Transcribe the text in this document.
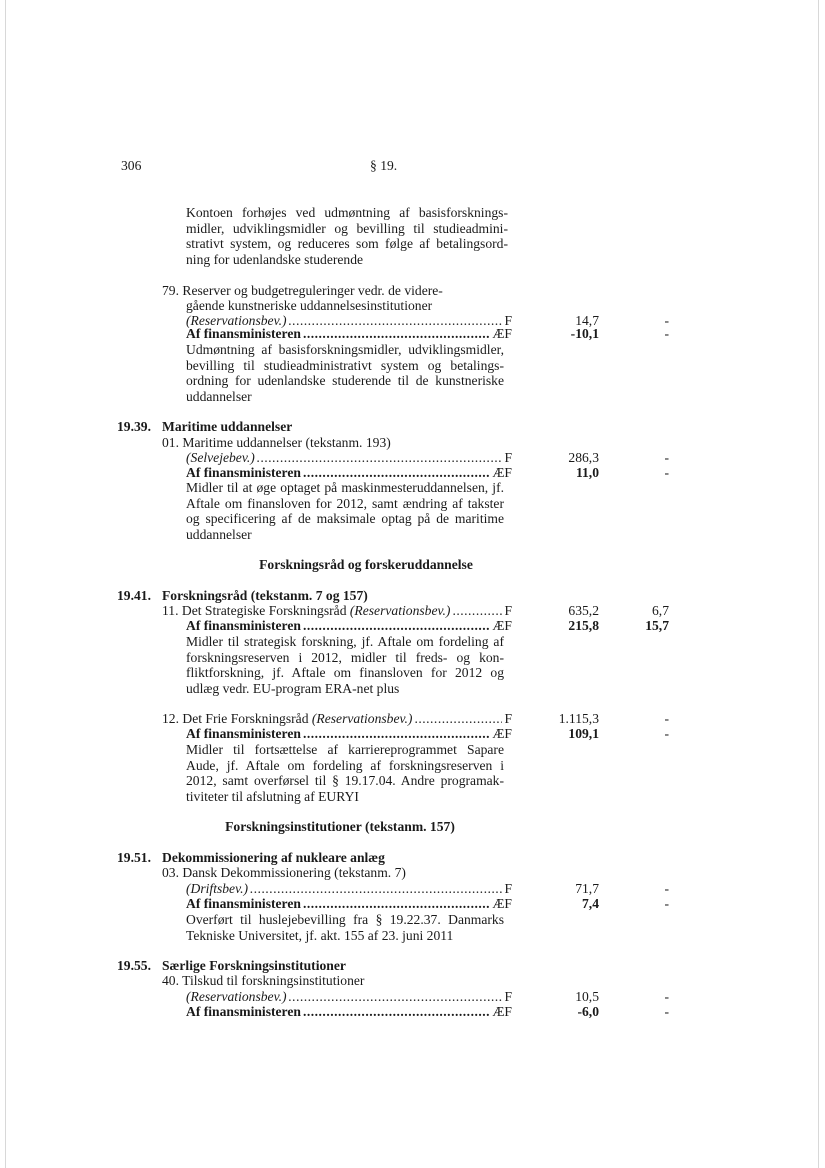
306	§ 19.
Kontoen forhøjes ved udmøntning af basisforsknings-midler, udviklingsmidler og bevilling til studieadmini-strativt system, og reduceres som følge af betalingsord-ning for udenlandske studerende
79. Reserver og budgetreguleringer vedr. de videre-
gående kunstneriske uddannelsesinstitutioner
(Reservationsbev.) .....	F	14,7	-
Af finansministeren .....	ÆF	-10,1	-
Udmøntning af basisforskningsmidler, udviklingsmidler, bevilling til studieadministrativt system og betalings-ordning for udenlandske studerende til de kunstneriske uddannelser
19.39. Maritime uddannelser
01. Maritime uddannelser (tekstanm. 193)
(Selvejebev.) .....	F	286,3	-
Af finansministeren .....	ÆF	11,0	-
Midler til at øge optaget på maskinmesteruddannelsen, jf. Aftale om finansloven for 2012, samt ændring af takster og specificering af de maksimale optag på de maritime uddannelser
Forskningsråd og forskeruddannelse
19.41. Forskningsråd (tekstanm. 7 og 157)
11. Det Strategiske Forskningsråd (Reservationsbev.) .....	F	635,2	6,7
Af finansministeren .....	ÆF	215,8	15,7
Midler til strategisk forskning, jf. Aftale om fordeling af forskningsreserven i 2012, midler til freds- og kon-fliktforskning, jf. Aftale om finansloven for 2012 og udlæg vedr. EU-program ERA-net plus
12. Det Frie Forskningsråd (Reservationsbev.) .....	F	1.115,3	-
Af finansministeren .....	ÆF	109,1	-
Midler til fortsættelse af karriereprogrammet Sapare Aude, jf. Aftale om fordeling af forskningsreserven i 2012, samt overførsel til § 19.17.04. Andre programak-tiviteter til afslutning af EURYI
Forskningsinstitutioner (tekstanm. 157)
19.51. Dekommissionering af nukleare anlæg
03. Dansk Dekommissionering (tekstanm. 7)
(Driftsbev.) .....	F	71,7	-
Af finansministeren .....	ÆF	7,4	-
Overført til huslejebevilling fra § 19.22.37. Danmarks Tekniske Universitet, jf. akt. 155 af 23. juni 2011
19.55. Særlige Forskningsinstitutioner
40. Tilskud til forskningsinstitutioner
(Reservationsbev.) .....	F	10,5	-
Af finansministeren .....	ÆF	-6,0	-
